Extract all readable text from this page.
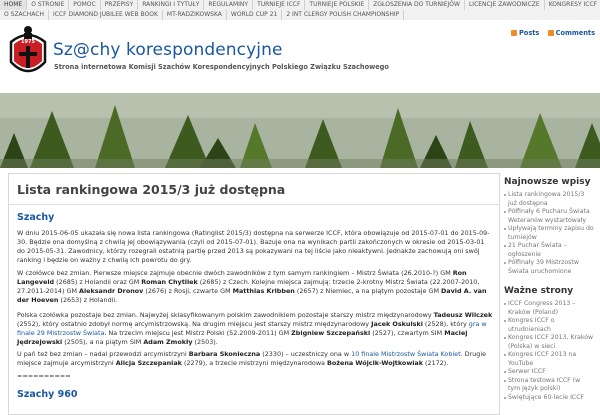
HOME	O STRONIE	POMOC	PRZEPISY	RANKINGI I TYTUŁY	REGULAMINY	TURNIEJE ICCF	TURNIEJE POLSKIE	ZGŁOSZENIA DO TURNIEJÓW	LICENCJE ZAWODNICZE	KONGRESY ICCF
O SZACHACH	ICCF DIAMOND JUBILEE WEB BOOK	MT-RADZIKOWSKA	WORLD CUP 21	2 INT CLERGY POLISH CHAMPIONSHIP
1975 Sz@chy korespondencyjne
Strona internetowa Komisji Szachów Korespondencyjnych Polskiego Związku Szachowego
Posts Comments
Lista rankingowa 2015/3 już dostępna
Szachy
W dniu 2015-06-05 ukazała się nowa lista rankingowa (Ratinglist 2015/3) dostępna na serwerze ICCF, która obowiązuje od 2015-07-01 do 2015-09-30. Będzie ona domyślną z chwilą jej obowiązywania (czyli od 2015-07-01). Bazuje ona na wynikach partii zakończonych w okresie od 2015-03-01 do 2015-05-31. Zawodnicy, którzy rozegrali ostatnią partię przed 2013 są pokazywani na tej liście jako nieaktywni. Jednakże zachowują oni swój ranking i będzie on ważny z chwilą ich powrotu do gry.
W czołówce bez zmian. Pierwsze miejsce zajmuje obecnie dwóch zawodników z tym samym rankingiem – Mistrz Świata (26.2010-?) GM Ron Langeveld (2685) z Holandii oraz GM Roman Chytilek (2685) z Czech. Kolejne miejsca zajmują: trzecie 2-krotny Mistrz Świata (22.2007-2010, 27.2011-2014) GM Aleksandr Dronov (2676) z Rosji, czwarte GM Matthias Kribben (2657) z Niemiec, a na piątym pozostaje GM David A. van der Hoeven (2653) z Holandii.
Polska czołówka pozostaje bez zmian. Najwyżej sklasyfikowanym polskim zawodnikiem pozostaje starszy mistrz międzynarodowy Tadeusz Wilczek (2552), który ostatnio zdobył normę arcymistrzowską. Na drugim miejscu jest starszy mistrz międzynarodowy Jacek Oskulski (2528), który gra w finale 29 Mistrzostw Świata. Na trzecim miejscu jest Mistrz Polski (52.2009-2011) GM Zbigniew Szczepański (2527), czwartym SIM Maciej Jędrzejowski (2505), a na piątym SIM Adam Zmokły (2503).
U pań też bez zmian – nadal przewodzi arcymistrzyni Barbara Skonieczna (2330) – uczestniczy ona w 10 finale Mistrzostw Świata Kobiet. Drugie miejsce zajmuje arcymistrzyni Alicja Szczepaniak (2279), a trzecie mistrzyni międzynarodowa Bożena Wójcik-Wojtkowiak (2172).
==========
Szachy 960
Najnowsze wpisy
Lista rankingowa 2015/3 już dostępna
Półfinały 6 Pucharu Świata Weteranów wystartowały
Upływają terminy zapisu do turniejów
21 Puchar Świata – ogłoszenie
Półfinały 39 Mistrzostw Świata uruchomione
Ważne strony
ICCF Congress 2013 – Kraków (Poland)
Kongres ICCF o utrudnieniach
Kongres ICCF 2013, Kraków (Polska) w sieci
Kongres ICCF 2013 na YouTube
Serwer ICCF
Strona testowa ICCF (w tym język polski)
Świętujące 60-lecie ICCF
